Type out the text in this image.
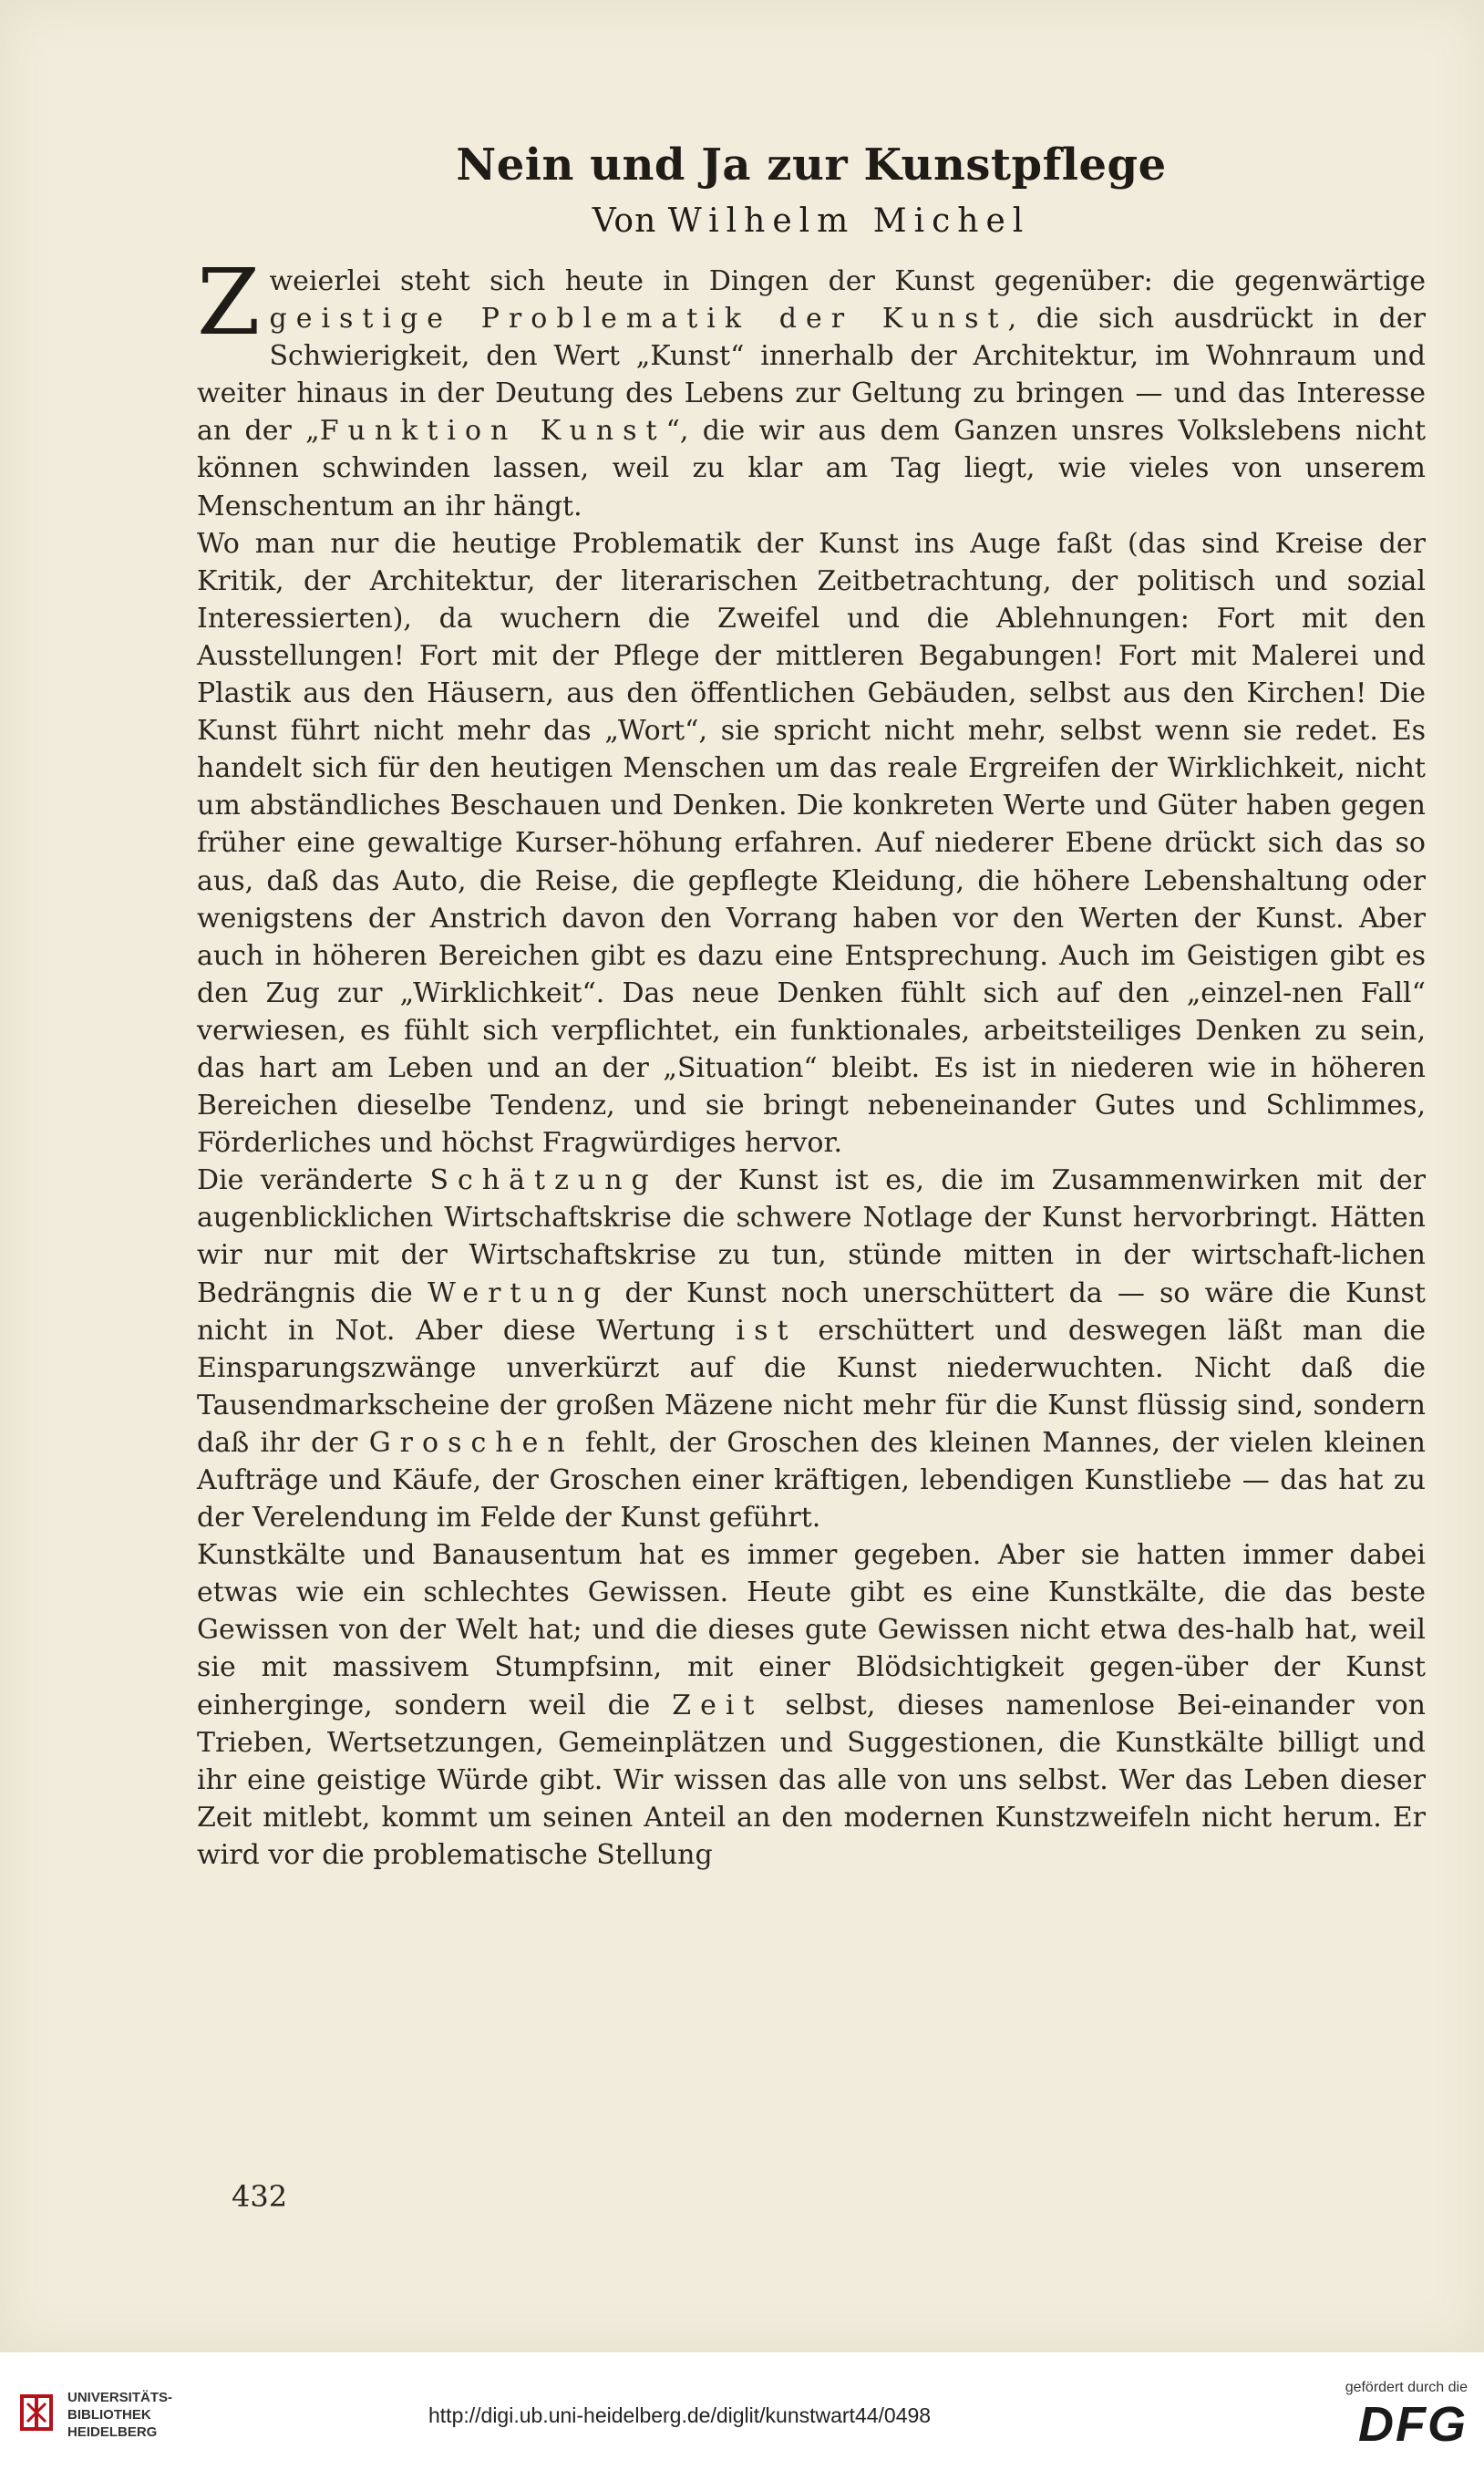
Nein und Ja zur Kunstpflege
Von Wilhelm Michel

Zweierlei steht sich heute in Dingen der Kunst gegenüber: die gegenwärtige geistige Problematik der Kunst, die sich ausdrückt in der Schwierigkeit, den Wert „Kunst“ innerhalb der Architektur, im Wohnraum und weiter hinaus in der Deutung des Lebens zur Geltung zu bringen — und das Interesse an der „Funktion Kunst“, die wir aus dem Ganzen unsres Volkslebens nicht können schwinden lassen, weil zu klar am Tag liegt, wie vieles von unserem Menschentum an ihr hängt.

Wo man nur die heutige Problematik der Kunst ins Auge faßt (das sind Kreise der Kritik, der Architektur, der literarischen Zeitbetrachtung, der politisch und sozial Interessierten), da wuchern die Zweifel und die Ablehnungen: Fort mit den Ausstellungen! Fort mit der Pflege der mittleren Begabungen! Fort mit Malerei und Plastik aus den Häusern, aus den öffentlichen Gebäuden, selbst aus den Kirchen! Die Kunst führt nicht mehr das „Wort“, sie spricht nicht mehr, selbst wenn sie redet. Es handelt sich für den heutigen Menschen um das reale Ergreifen der Wirklichkeit, nicht um abständliches Beschauen und Denken. Die konkreten Werte und Güter haben gegen früher eine gewaltige Kurser-höhung erfahren. Auf niederer Ebene drückt sich das so aus, daß das Auto, die Reise, die gepflegte Kleidung, die höhere Lebenshaltung oder wenigstens der Anstrich davon den Vorrang haben vor den Werten der Kunst. Aber auch in höheren Bereichen gibt es dazu eine Entsprechung. Auch im Geistigen gibt es den Zug zur „Wirklichkeit“. Das neue Denken fühlt sich auf den „einzel-nen Fall“ verwiesen, es fühlt sich verpflichtet, ein funktionales, arbeitsteiliges Denken zu sein, das hart am Leben und an der „Situation“ bleibt. Es ist in niederen wie in höheren Bereichen dieselbe Tendenz, und sie bringt nebeneinander Gutes und Schlimmes, Förderliches und höchst Fragwürdiges hervor.

Die veränderte Schätzung der Kunst ist es, die im Zusammenwirken mit der augenblicklichen Wirtschaftskrise die schwere Notlage der Kunst hervorbringt. Hätten wir nur mit der Wirtschaftskrise zu tun, stünde mitten in der wirtschaft-lichen Bedrängnis die Wertung der Kunst noch unerschüttert da — so wäre die Kunst nicht in Not. Aber diese Wertung ist erschüttert und deswegen läßt man die Einsparungszwänge unverkürzt auf die Kunst niederwuchten. Nicht daß die Tausendmarkscheine der großen Mäzene nicht mehr für die Kunst flüssig sind, sondern daß ihr der Groschen fehlt, der Groschen des kleinen Mannes, der vielen kleinen Aufträge und Käufe, der Groschen einer kräftigen, lebendigen Kunstliebe — das hat zu der Verelendung im Felde der Kunst geführt.

Kunstkälte und Banausentum hat es immer gegeben. Aber sie hatten immer dabei etwas wie ein schlechtes Gewissen. Heute gibt es eine Kunstkälte, die das beste Gewissen von der Welt hat; und die dieses gute Gewissen nicht etwa des-halb hat, weil sie mit massivem Stumpfsinn, mit einer Blödsichtigkeit gegen-über der Kunst einherginge, sondern weil die Zeit selbst, dieses namenlose Bei-einander von Trieben, Wertsetzungen, Gemeinplätzen und Suggestionen, die Kunstkälte billigt und ihr eine geistige Würde gibt. Wir wissen das alle von uns selbst. Wer das Leben dieser Zeit mitlebt, kommt um seinen Anteil an den modernen Kunstzweifeln nicht herum. Er wird vor die problematische Stellung

432
UNIVERSITÄTS-
BIBLIOTHEK
HEIDELBERG
http://digi.ub.uni-heidelberg.de/diglit/kunstwart44/0498
gefördert durch die
DFG
